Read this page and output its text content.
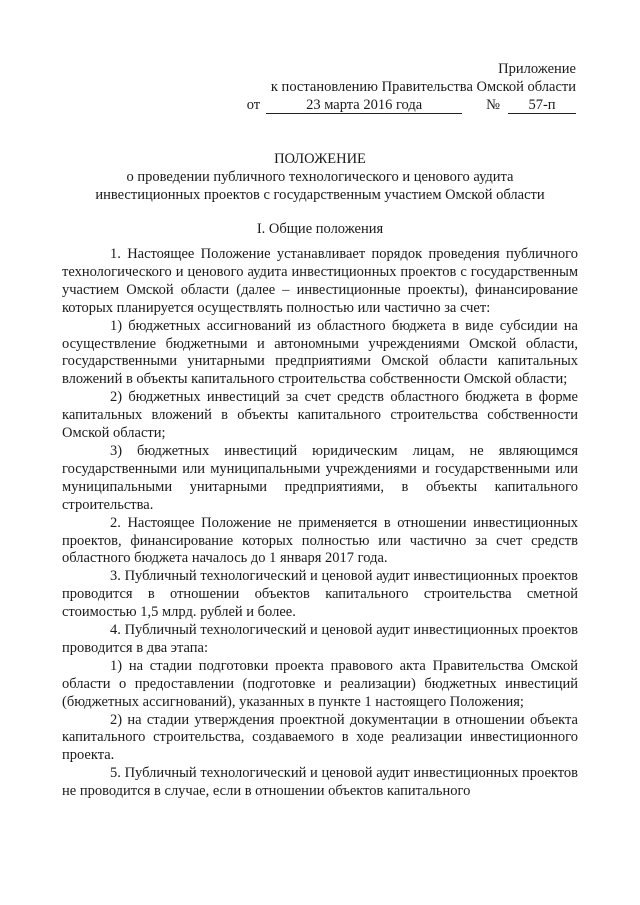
Приложение
к постановлению Правительства Омской области
от	23 марта 2016 года	№	57-п
ПОЛОЖЕНИЕ
о проведении публичного технологического и ценового аудита
инвестиционных проектов с государственным участием Омской области
I. Общие положения

1. Настоящее Положение устанавливает порядок проведения публичного технологического и ценового аудита инвестиционных проектов с государственным участием Омской области (далее – инвестиционные проекты), финансирование которых планируется осуществлять полностью или частично за счет:

1) бюджетных ассигнований из областного бюджета в виде субсидии на осуществление бюджетными и автономными учреждениями Омской области, государственными унитарными предприятиями Омской области капитальных вложений в объекты капитального строительства собственности Омской области;

2) бюджетных инвестиций за счет средств областного бюджета в форме капитальных вложений в объекты капитального строительства собственности Омской области;

3) бюджетных инвестиций юридическим лицам, не являющимся государственными или муниципальными учреждениями и государственными или муниципальными унитарными предприятиями, в объекты капитального строительства.

2. Настоящее Положение не применяется в отношении инвестиционных проектов, финансирование которых полностью или частично за счет средств областного бюджета началось до 1 января 2017 года.

3. Публичный технологический и ценовой аудит инвестиционных проектов проводится в отношении объектов капитального строительства сметной стоимостью 1,5 млрд. рублей и более.

4. Публичный технологический и ценовой аудит инвестиционных проектов проводится в два этапа:

1) на стадии подготовки проекта правового акта Правительства Омской области о предоставлении (подготовке и реализации) бюджетных инвестиций (бюджетных ассигнований), указанных в пункте 1 настоящего Положения;

2) на стадии утверждения проектной документации в отношении объекта капитального строительства, создаваемого в ходе реализации инвестиционного проекта.

5. Публичный технологический и ценовой аудит инвестиционных проектов не проводится в случае, если в отношении объектов капитального
